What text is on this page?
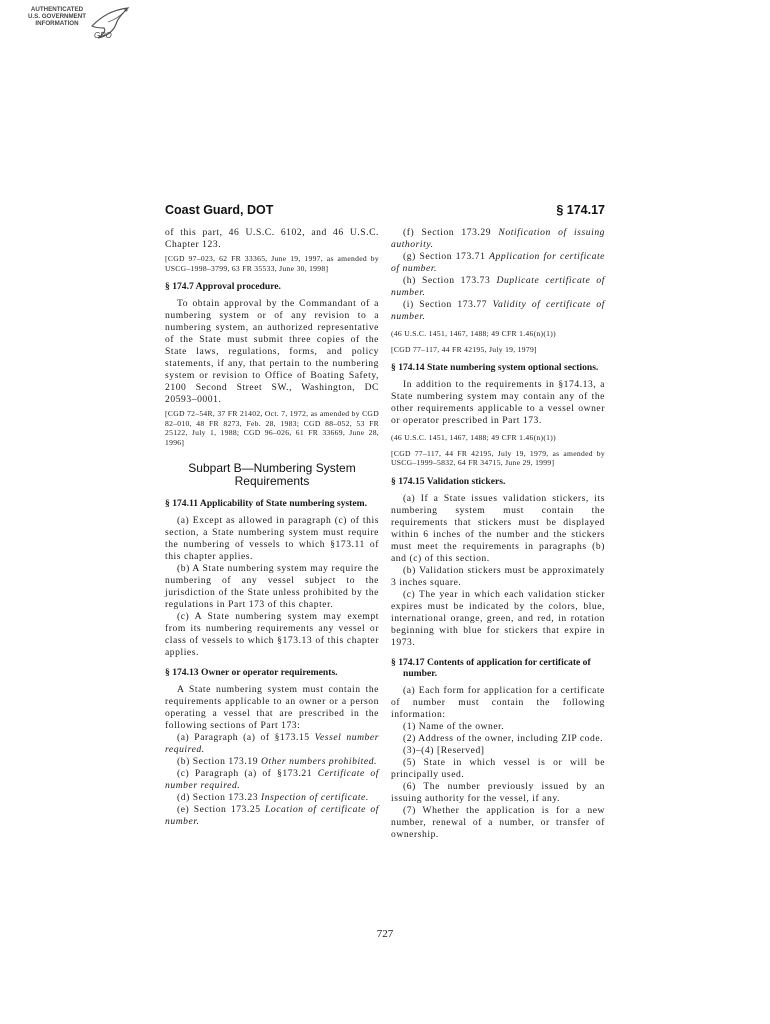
AUTHENTICATED
U.S. GOVERNMENT
INFORMATION
GPO
Coast Guard, DOT	§ 174.17

of this part, 46 U.S.C. 6102, and 46 U.S.C. Chapter 123.

[CGD 97–023, 62 FR 33365, June 19, 1997, as amended by USCG–1998–3799, 63 FR 35533, June 30, 1998]

§ 174.7 Approval procedure.

To obtain approval by the Commandant of a numbering system or of any revision to a numbering system, an authorized representative of the State must submit three copies of the State laws, regulations, forms, and policy statements, if any, that pertain to the numbering system or revision to Office of Boating Safety, 2100 Second Street SW., Washington, DC 20593–0001.

[CGD 72–54R, 37 FR 21402, Oct. 7, 1972, as amended by CGD 82–010, 48 FR 8273, Feb. 28, 1983; CGD 88–052, 53 FR 25122, July 1, 1988; CGD 96–026, 61 FR 33669, June 28, 1996]

Subpart B—Numbering System
Requirements
§ 174.11 Applicability of State numbering system.

(a) Except as allowed in paragraph (c) of this section, a State numbering system must require the numbering of vessels to which §173.11 of this chapter applies.

(b) A State numbering system may require the numbering of any vessel subject to the jurisdiction of the State unless prohibited by the regulations in Part 173 of this chapter.

(c) A State numbering system may exempt from its numbering requirements any vessel or class of vessels to which §173.13 of this chapter applies.

§ 174.13 Owner or operator requirements.

A State numbering system must contain the requirements applicable to an owner or a person operating a vessel that are prescribed in the following sections of Part 173:

(a) Paragraph (a) of §173.15 Vessel number required.

(b) Section 173.19 Other numbers prohibited.

(c) Paragraph (a) of §173.21 Certificate of number required.

(d) Section 173.23 Inspection of certificate.

(e) Section 173.25 Location of certificate of number.

(f) Section 173.29 Notification of issuing authority.

(g) Section 173.71 Application for certificate of number.

(h) Section 173.73 Duplicate certificate of number.

(i) Section 173.77 Validity of certificate of number.

(46 U.S.C. 1451, 1467, 1488; 49 CFR 1.46(n)(1))

[CGD 77–117, 44 FR 42195, July 19, 1979]

§ 174.14 State numbering system optional sections.

In addition to the requirements in §174.13, a State numbering system may contain any of the other requirements applicable to a vessel owner or operator prescribed in Part 173.

(46 U.S.C. 1451, 1467, 1488; 49 CFR 1.46(n)(1))

[CGD 77–117, 44 FR 42195, July 19, 1979, as amended by USCG–1999–5832, 64 FR 34715, June 29, 1999]

§ 174.15 Validation stickers.

(a) If a State issues validation stickers, its numbering system must contain the requirements that stickers must be displayed within 6 inches of the number and the stickers must meet the requirements in paragraphs (b) and (c) of this section.

(b) Validation stickers must be approximately 3 inches square.

(c) The year in which each validation sticker expires must be indicated by the colors, blue, international orange, green, and red, in rotation beginning with blue for stickers that expire in 1973.

§ 174.17 Contents of application for certificate of number.

(a) Each form for application for a certificate of number must contain the following information:

(1) Name of the owner.

(2) Address of the owner, including ZIP code.

(3)–(4) [Reserved]

(5) State in which vessel is or will be principally used.

(6) The number previously issued by an issuing authority for the vessel, if any.

(7) Whether the application is for a new number, renewal of a number, or transfer of ownership.

727
